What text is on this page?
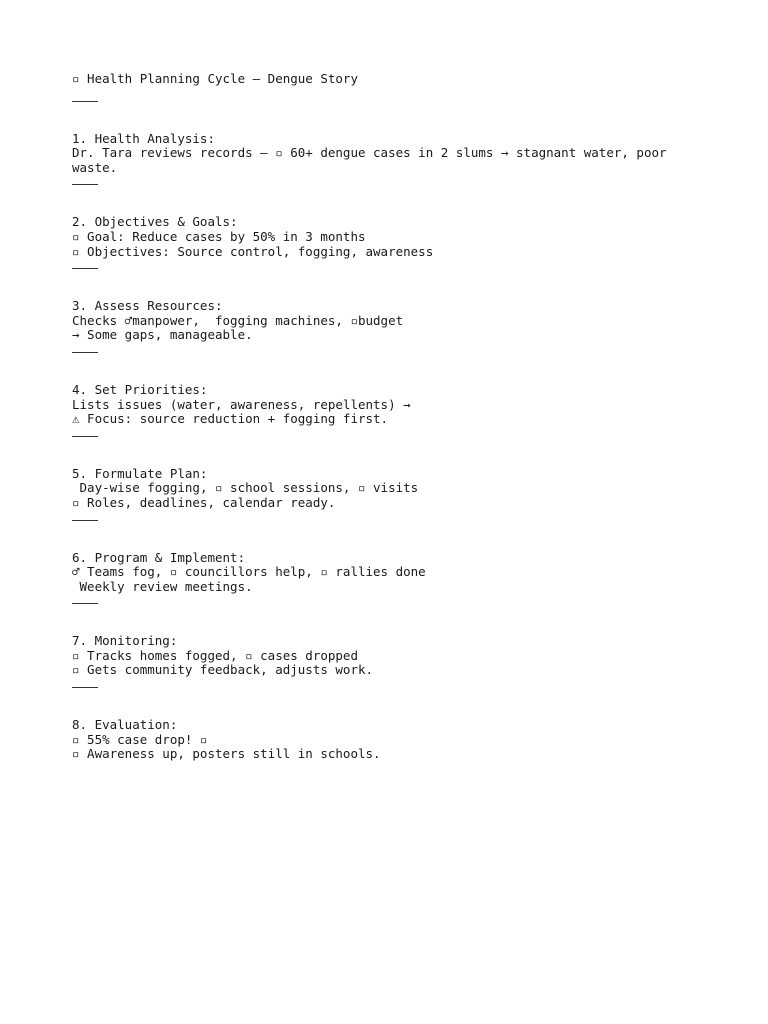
▫ Health Planning Cycle – Dengue Story

1. Health Analysis:

Dr. Tara reviews records – ▫ 60+ dengue cases in 2 slums → stagnant water, poor waste.

2. Objectives & Goals:

▫ Goal: Reduce cases by 50% in 3 months

▫ Objectives: Source control, fogging, awareness

3. Assess Resources:

Checks ♂manpower,  fogging machines, ▫budget

→ Some gaps, manageable.

4. Set Priorities:

Lists issues (water, awareness, repellents) →

⚠ Focus: source reduction + fogging first.

5. Formulate Plan:

Day-wise fogging, ▫ school sessions, ▫ visits

▫ Roles, deadlines, calendar ready.

6. Program & Implement:

♂ Teams fog, ▫ councillors help, ▫ rallies done

Weekly review meetings.

7. Monitoring:

▫ Tracks homes fogged, ▫ cases dropped

▫ Gets community feedback, adjusts work.

8. Evaluation:

▫ 55% case drop! ▫

▫ Awareness up, posters still in schools.
